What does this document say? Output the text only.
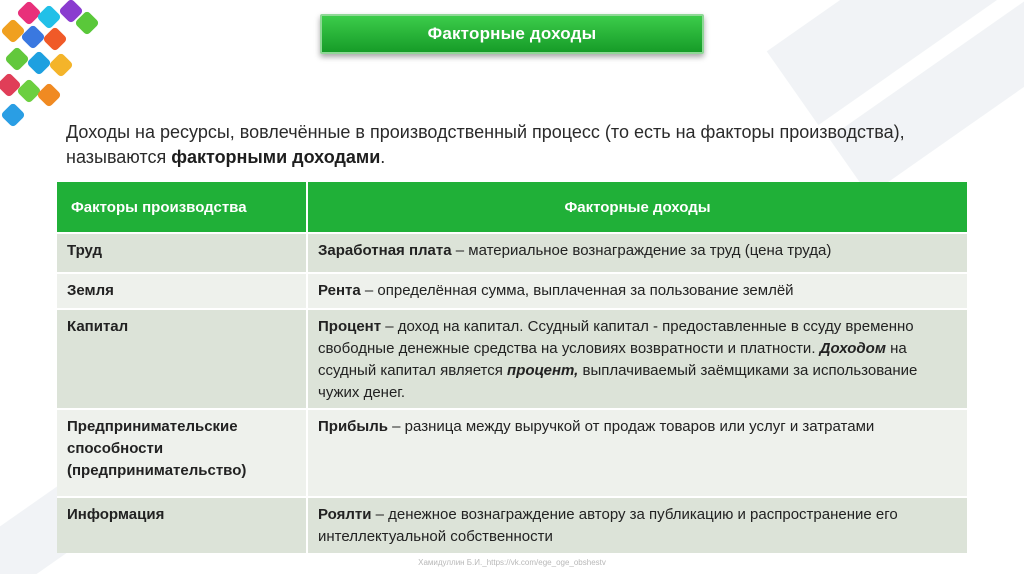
Факторные доходы
Доходы на ресурсы, вовлечённые в производственный процесс (то есть на факторы производства), называются факторными доходами.
Факторы производства	Факторные доходы
Труд	Заработная плата – материальное вознаграждение за труд (цена труда)
Земля	Рента – определённая сумма, выплаченная за пользование землёй
Капитал	Процент – доход на капитал. Ссудный капитал - предоставленные в ссуду временно свободные денежные средства на условиях возвратности и платности. Доходом на ссудный капитал является процент, выплачиваемый заёмщиками за использование чужих денег.
Предпринимательские способности (предпринимательство)	Прибыль – разница между выручкой от продаж товаров или услуг и затратами
Информация	Роялти – денежное вознаграждение автору за публикацию и распространение его интеллектуальной собственности
Хамидуллин Б.И._https://vk.com/ege_oge_obshestv
